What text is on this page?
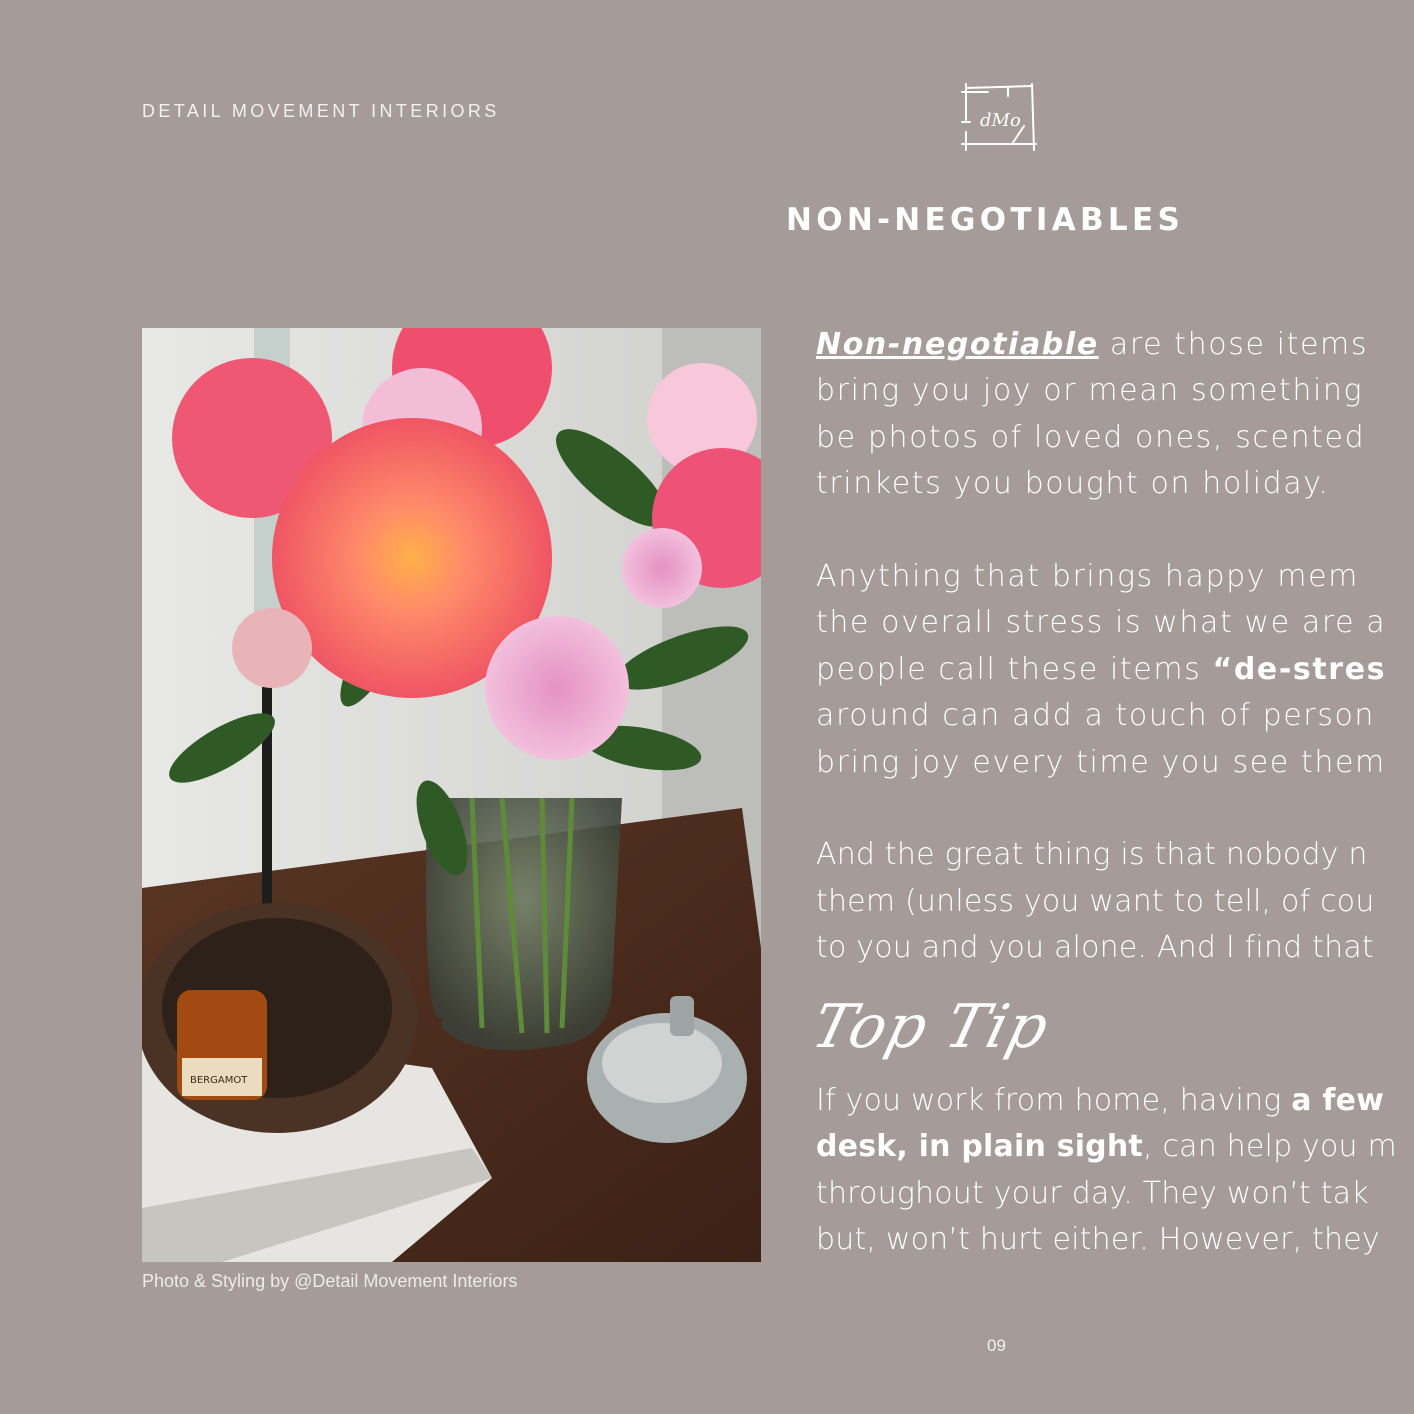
DETAIL MOVEMENT INTERIORS	dMo
NON-NEGOTIABLES
BERGAMOT
Photo & Styling by @Detail Movement Interiors

Non-negotiable are those items
bring you joy or mean something
be photos of loved ones, scented
trinkets you bought on holiday.

Anything that brings happy mem
the overall stress is what we are a
people call these items “de-stres
around can add a touch of person
bring joy every time you see them

And the great thing is that nobody n
them (unless you want to tell, of cou
to you and you alone. And I find that

Top Tip
If you work from home, having a few
desk, in plain sight, can help you m
throughout your day. They won’t tak
but, won’t hurt either. However, they
09
